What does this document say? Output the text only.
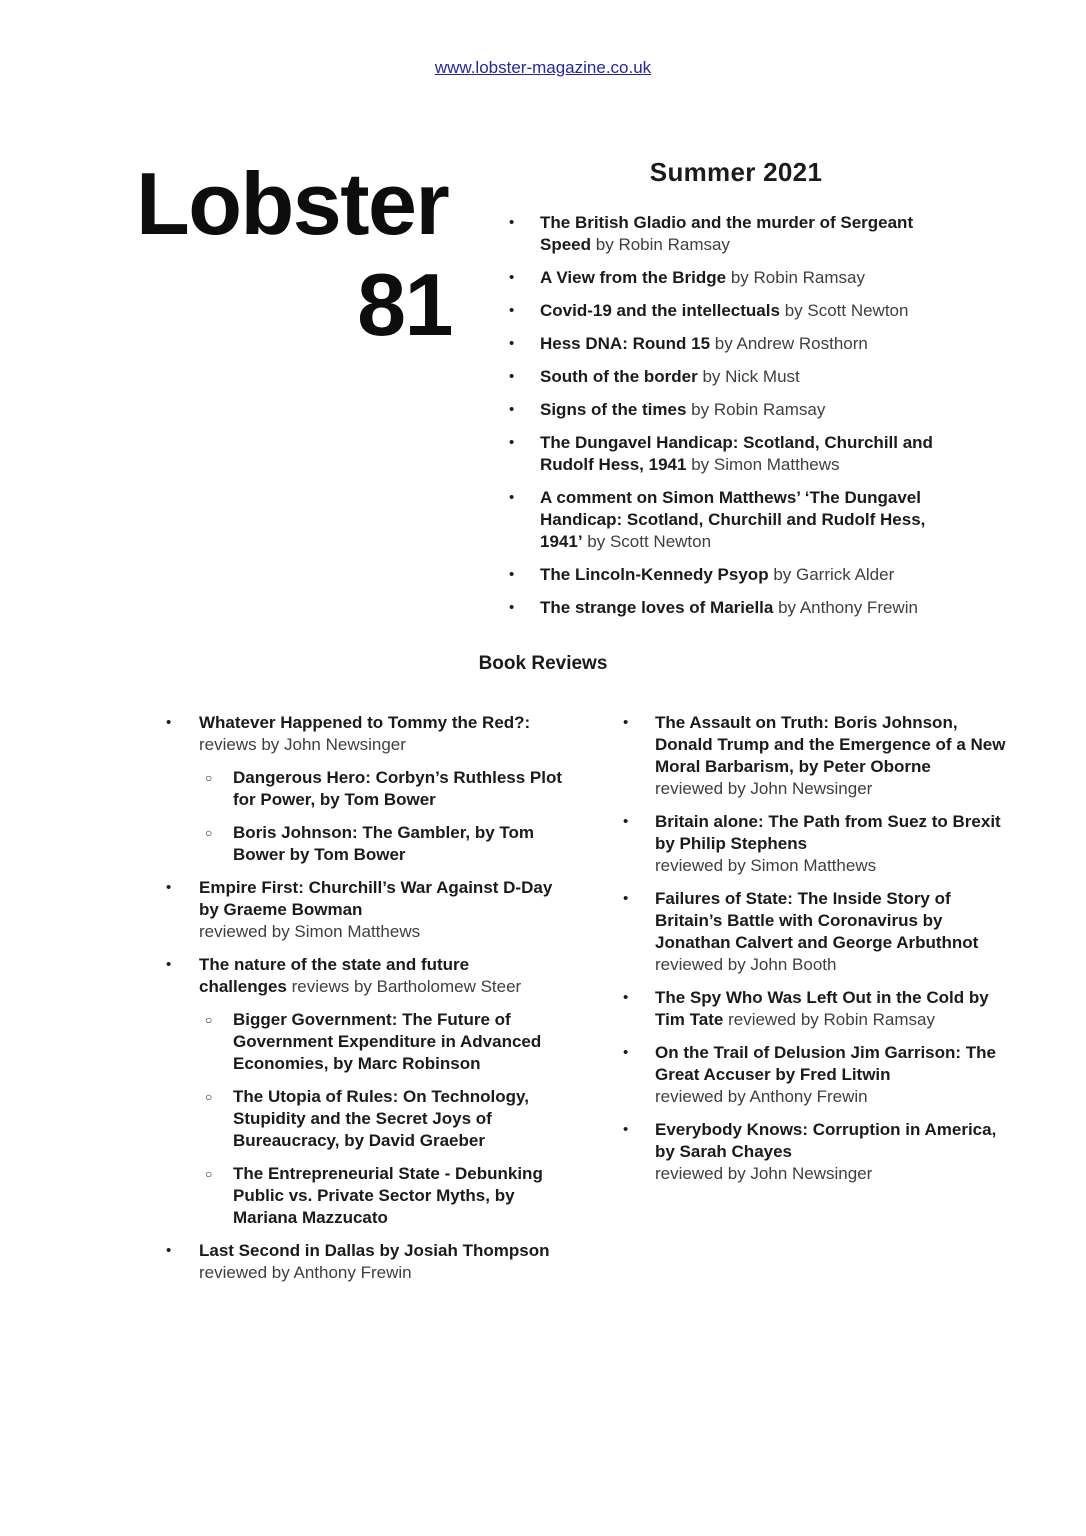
www.lobster-magazine.co.uk
Lobster
81
Summer 2021
•	The British Gladio and the murder of Sergeant Speed by Robin Ramsay
•	A View from the Bridge by Robin Ramsay
•	Covid-19 and the intellectuals by Scott Newton
•	Hess DNA: Round 15 by Andrew Rosthorn
•	South of the border by Nick Must
•	Signs of the times by Robin Ramsay
•	The Dungavel Handicap: Scotland, Churchill and Rudolf Hess, 1941 by Simon Matthews
•	A comment on Simon Matthews’ ‘The Dungavel Handicap: Scotland, Churchill and Rudolf Hess, 1941’ by Scott Newton
•	The Lincoln-Kennedy Psyop by Garrick Alder
•	The strange loves of Mariella by Anthony Frewin
Book Reviews
•	Whatever Happened to Tommy the Red?:
reviews by John Newsinger
○	Dangerous Hero: Corbyn’s Ruthless Plot for Power, by Tom Bower
○	Boris Johnson: The Gambler, by Tom Bower by Tom Bower
•	Empire First: Churchill’s War Against D-Day by Graeme Bowman
reviewed by Simon Matthews
•	The nature of the state and future challenges reviews by Bartholomew Steer
○	Bigger Government: The Future of Government Expenditure in Advanced Economies, by Marc Robinson
○	The Utopia of Rules: On Technology, Stupidity and the Secret Joys of Bureaucracy, by David Graeber
○	The Entrepreneurial State - Debunking Public vs. Private Sector Myths, by Mariana Mazzucato
•	Last Second in Dallas by Josiah Thompson reviewed by Anthony Frewin
•	The Assault on Truth: Boris Johnson, Donald Trump and the Emergence of a New Moral Barbarism, by Peter Oborne
reviewed by John Newsinger
•	Britain alone: The Path from Suez to Brexit by Philip Stephens
reviewed by Simon Matthews
•	Failures of State: The Inside Story of Britain’s Battle with Coronavirus by Jonathan Calvert and George Arbuthnot
reviewed by John Booth
•	The Spy Who Was Left Out in the Cold by Tim Tate reviewed by Robin Ramsay
•	On the Trail of Delusion Jim Garrison: The Great Accuser by Fred Litwin
reviewed by Anthony Frewin
•	Everybody Knows: Corruption in America, by Sarah Chayes
reviewed by John Newsinger
